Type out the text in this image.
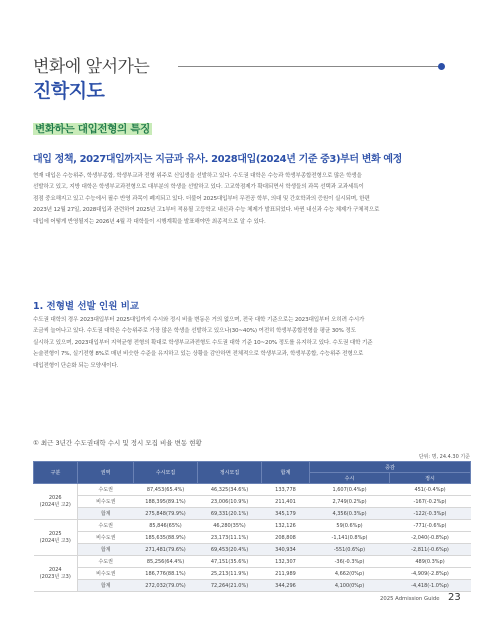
변화에 앞서가는
진학지도
변화하는 대입전형의 특징
대입 정책, 2027대입까지는 지금과 유사. 2028대입(2024년 기준 중3)부터 변화 예정
현재 대입은 수능위주, 학생부종합, 학생부교과 전형 위주로 신입생을 선발하고 있다. 수도권 대학은 수능과 학생부종합전형으로 많은 학생을
선발하고 있고, 지방 대학은 학생부교과전형으로 대부분의 학생을 선발하고 있다. 고교학점제가 확대되면서 학생들의 과목 선택과 교과세특이
점점 중요해지고 있고 수능에서 필수 반영 과목이 폐지되고 있다. 더불어 2025대입부터 무전공 학부, 의대 및 간호학과의 증원이 실시되며, 한편
2023년 12월 27일, 2028대입과 관련하여 2025년 고1부터 적용될 고등학교 내신과 수능 체제가 발표되었다. 바뀐 내신과 수능 체제가 구체적으로
대입에 어떻게 반영될지는 2026년 4월 각 대학들이 시행계획을 발표해야만 최종적으로 알 수 있다.
1. 전형별 선발 인원 비교
수도권 대학의 경우 2023대입부터 2025대입까지 수시와 정시 비율 변동은 거의 없으며, 전국 대학 기준으로는 2023대입부터 오히려 수시가
조금씩 늘어나고 있다. 수도권 대학은 수능위주로 가장 많은 학생을 선발하고 있으나(30~40%) 여전히 학생부종합전형을 평균 30% 정도
실시하고 있으며, 2023대입부터 지역균형 전형의 확대로 학생부교과전형도 수도권 대학 기준 10~20% 정도를 유지하고 있다. 수도권 대학 기준
논술전형이 7%, 실기전형 8%로 매년 비슷한 수준을 유지하고 있는 상황을 감안하면 전체적으로 학생부교과, 학생부종합, 수능위주 전형으로
대입전형이 단순화 되는 모양새이다.
① 최근 3년간 수도권대학 수시 및 정시 모집 비율 변동 현황
단위: 명, 24.4.30 기준
구분	권역	수시모집	정시모집	합계	증감	
					수시	정시
2026
(2024년 고2)	수도권	87,453(65.4%)	46,325(34.6%)	133,778	1,607(0.4%p)	451(-0.4%p)
	비수도권	188,395(89.1%)	23,006(10.9%)	211,401	2,749(0.2%p)	-167(-0.2%p)
	합계	275,848(79.9%)	69,331(20.1%)	345,179	4,356(0.3%p)	-122(-0.3%p)
2025
(2024년 고3)	수도권	85,846(65%)	46,280(35%)	132,126	59(0.6%p)	-771(-0.6%p)
	비수도권	185,635(88.9%)	23,173(11.1%)	208,808	-1,141(0.8%p)	-2,040(-0.8%p)
	합계	271,481(79.6%)	69,453(20.4%)	340,934	-551(0.6%p)	-2,811(-0.6%p)
2024
(2023년 고3)	수도권	85,256(64.4%)	47,151(35.6%)	132,307	-36(-0.3%p)	489(0.3%p)
	비수도권	186,776(88.1%)	25,213(11.9%)	211,989	4,662(0%p)	-4,909(-2.8%p)
	합계	272,032(79.0%)	72,264(21.0%)	344,296	4,100(0%p)	-4,418(-1.0%p)
2025 Admission Guide 23
